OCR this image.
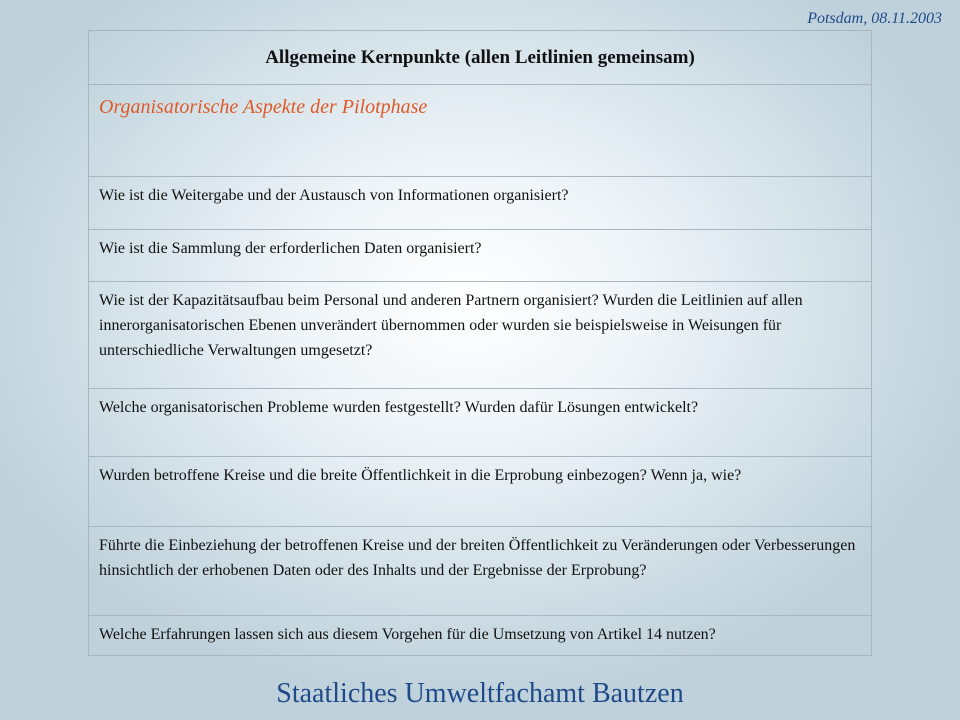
Potsdam, 08.11.2003
Allgemeine Kernpunkte (allen Leitlinien gemeinsam)
Organisatorische Aspekte der Pilotphase
Wie ist die Weitergabe und der Austausch von Informationen organisiert?
Wie ist die Sammlung der erforderlichen Daten organisiert?
Wie ist der Kapazitätsaufbau beim Personal und anderen Partnern organisiert? Wurden die Leitlinien auf allen innerorganisatorischen Ebenen unverändert übernommen oder wurden sie beispielsweise in Weisungen für unterschiedliche Verwaltungen umgesetzt?
Welche organisatorischen Probleme wurden festgestellt? Wurden dafür Lösungen entwickelt?
Wurden betroffene Kreise und die breite Öffentlichkeit in die Erprobung einbezogen? Wenn ja, wie?
Führte die Einbeziehung der betroffenen Kreise und der breiten Öffentlichkeit zu Veränderungen oder Verbesserungen hinsichtlich der erhobenen Daten oder des Inhalts und der Ergebnisse der Erprobung?
Welche Erfahrungen lassen sich aus diesem Vorgehen für die Umsetzung von Artikel 14 nutzen?
Staatliches Umweltfachamt Bautzen
